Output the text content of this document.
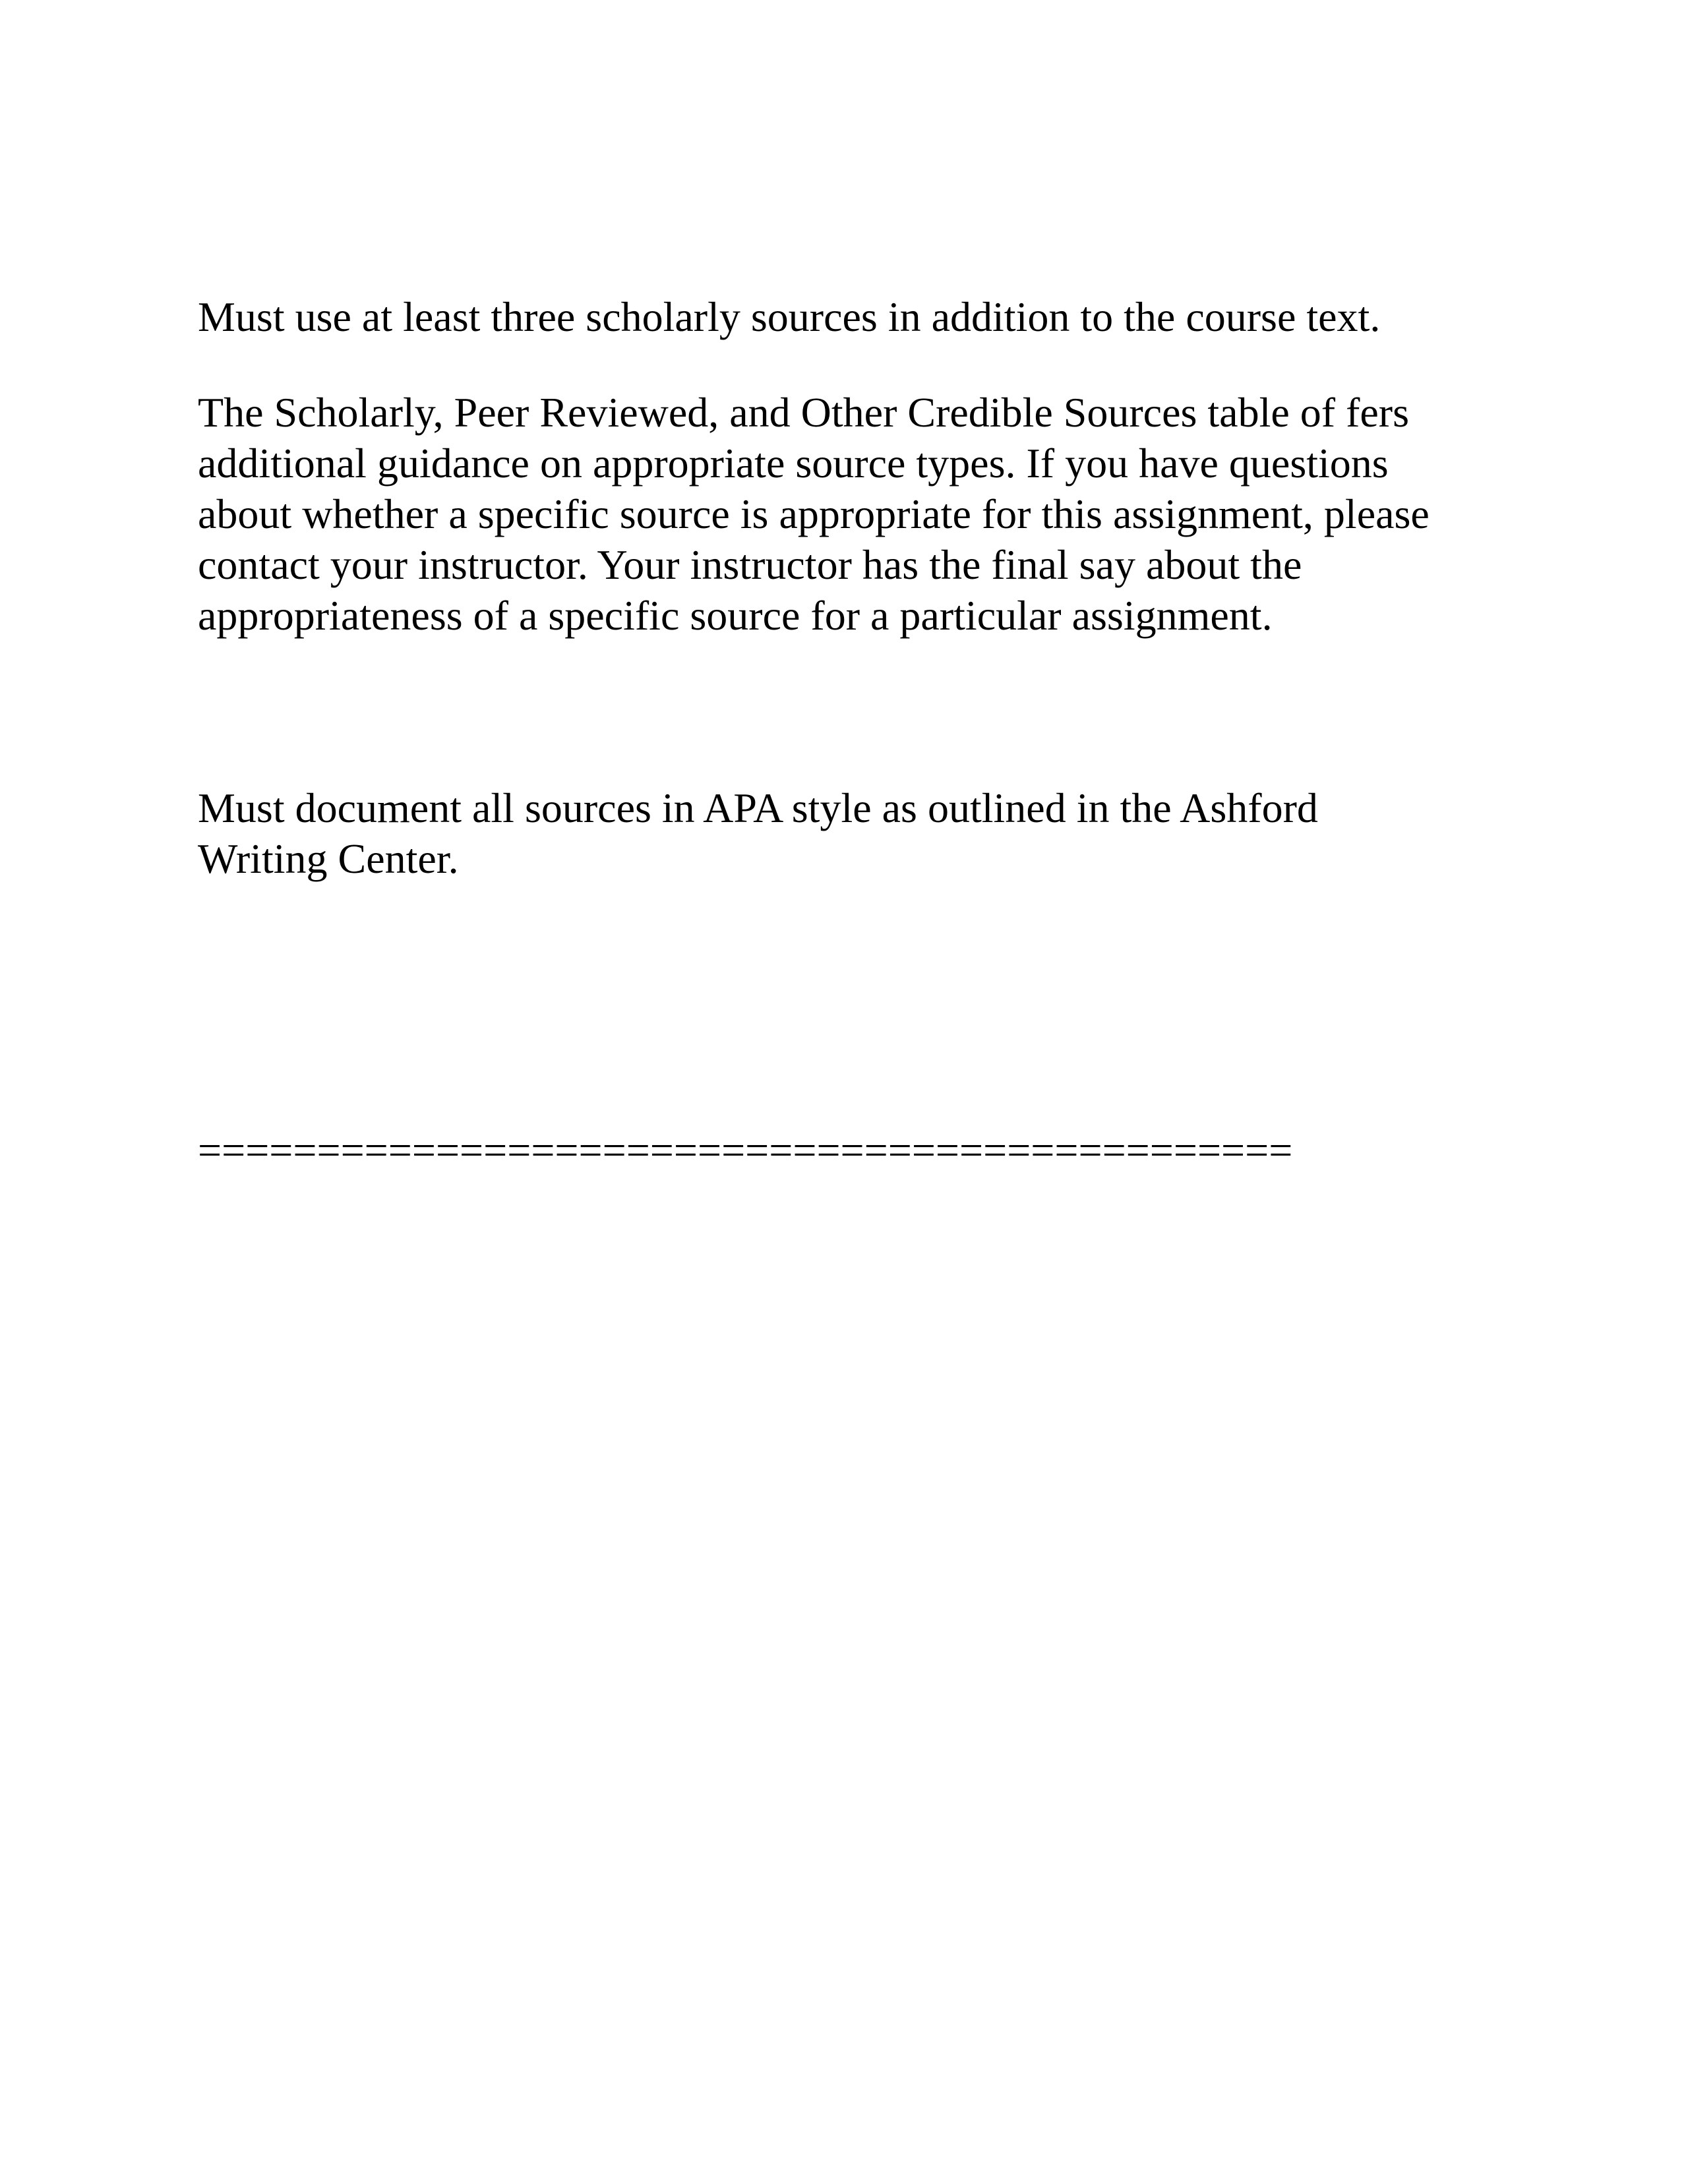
Must use at least three scholarly sources in addition to the course text.

The Scholarly, Peer Reviewed, and Other Credible Sources table of fers
additional guidance on appropriate source types. If you have questions
about whether a specific source is appropriate for this assignment, please
contact your instructor. Your instructor has the final say about the
appropriateness of a specific source for a particular assignment.

Must document all sources in APA style as outlined in the Ashford
Writing Center.

==============================================
